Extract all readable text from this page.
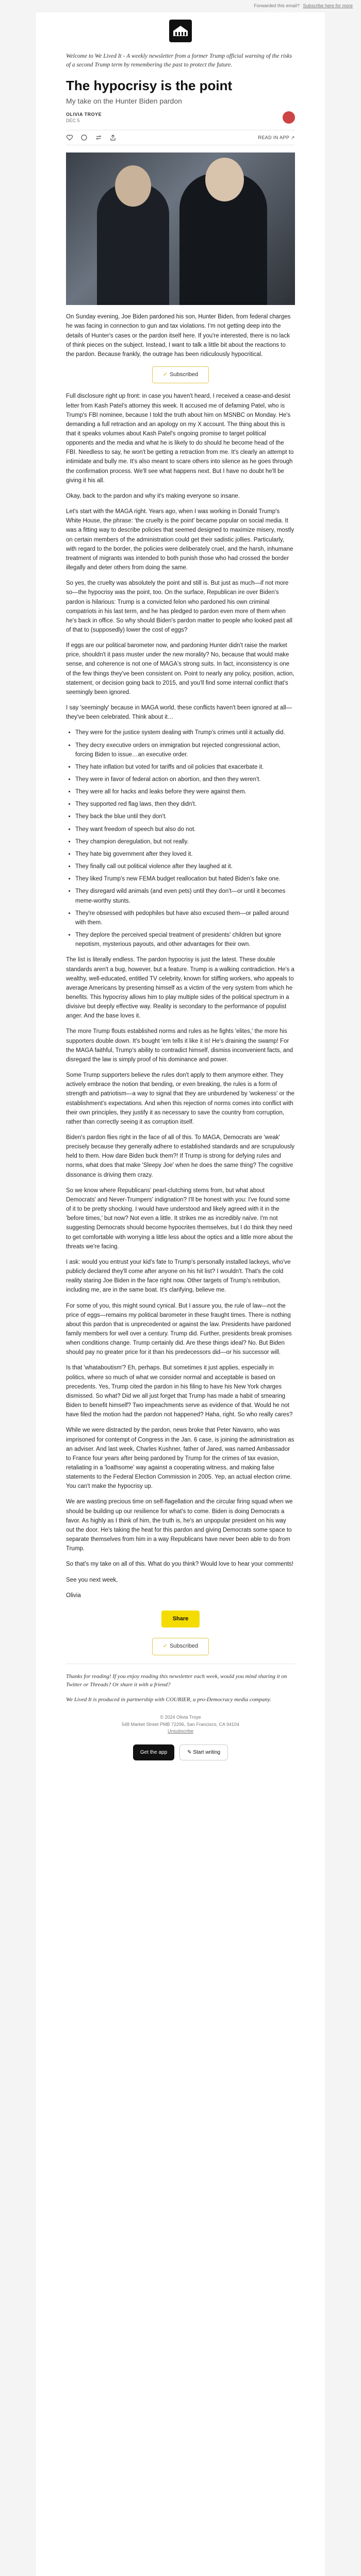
Forwarded this email? Subscribe here for more

Welcome to We Lived It - A weekly newsletter from a former Trump official warning of the risks of a second Trump term by remembering the past to protect the future.

The hypocrisy is the point
My take on the Hunter Biden pardon
OLIVIA TROYE
DEC 5
READ IN APP ↗

On Sunday evening, Joe Biden pardoned his son, Hunter Biden, from federal charges he was facing in connection to gun and tax violations. I'm not getting deep into the details of Hunter's cases or the pardon itself here. If you're interested, there is no lack of think pieces on the subject. Instead, I want to talk a little bit about the reactions to the pardon. Because frankly, the outrage has been ridiculously hypocritical.

✓ Subscribed

Full disclosure right up front: in case you haven't heard, I received a cease-and-desist letter from Kash Patel's attorney this week. It accused me of defaming Patel, who is Trump's FBI nominee, because I told the truth about him on MSNBC on Monday. He's demanding a full retraction and an apology on my X account. The thing about this is that it speaks volumes about Kash Patel's ongoing promise to target political opponents and the media and what he is likely to do should he become head of the FBI. Needless to say, he won't be getting a retraction from me. It's clearly an attempt to intimidate and bully me. It's also meant to scare others into silence as he goes through the confirmation process. We'll see what happens next. But I have no doubt he'll be giving it his all.

Okay, back to the pardon and why it's making everyone so insane.

Let's start with the MAGA right. Years ago, when I was working in Donald Trump's White House, the phrase: 'the cruelty is the point' became popular on social media. It was a fitting way to describe policies that seemed designed to maximize misery, mostly on certain members of the administration could get their sadistic jollies. Particularly, with regard to the border, the policies were deliberately cruel, and the harsh, inhumane treatment of migrants was intended to both punish those who had crossed the border illegally and deter others from doing the same.

So yes, the cruelty was absolutely the point and still is. But just as much—if not more so—the hypocrisy was the point, too. On the surface, Republican ire over Biden's pardon is hilarious: Trump is a convicted felon who pardoned his own criminal compatriots in his last term, and he has pledged to pardon even more of them when he's back in office. So why should Biden's pardon matter to people who looked past all of that to (supposedly) lower the cost of eggs?

If eggs are our political barometer now, and pardoning Hunter didn't raise the market price, shouldn't it pass muster under the new morality? No, because that would make sense, and coherence is not one of MAGA's strong suits. In fact, inconsistency is one of the few things they've been consistent on. Point to nearly any policy, position, action, statement, or decision going back to 2015, and you'll find some internal conflict that's seemingly been ignored.

I say 'seemingly' because in MAGA world, these conflicts haven't been ignored at all—they've been celebrated. Think about it…

• They were for the justice system dealing with Trump's crimes until it actually did.
• They decry executive orders on immigration but rejected congressional action, forcing Biden to issue…an executive order.
• They hate inflation but voted for tariffs and oil policies that exacerbate it.
• They were in favor of federal action on abortion, and then they weren't.
• They were all for hacks and leaks before they were against them.
• They supported red flag laws, then they didn't.
• They back the blue until they don't.
• They want freedom of speech but also do not.
• They champion deregulation, but not really.
• They hate big government after they loved it.
• They finally call out political violence after they laughed at it.
• They liked Trump's new FEMA budget reallocation but hated Biden's fake one.
• They disregard wild animals (and even pets) until they don't—or until it becomes meme-worthy stunts.
• They're obsessed with pedophiles but have also excused them—or palled around with them.
• They deplore the perceived special treatment of presidents' children but ignore nepotism, mysterious payouts, and other advantages for their own.

The list is literally endless. The pardon hypocrisy is just the latest. These double standards aren't a bug, however, but a feature. Trump is a walking contradiction. He's a wealthy, well-educated, entitled TV celebrity, known for stiffing workers, who appeals to average Americans by presenting himself as a victim of the very system from which he benefits. This hypocrisy allows him to play multiple sides of the political spectrum in a divisive but deeply effective way. Reality is secondary to the performance of populist anger. And the base loves it.

The more Trump flouts established norms and rules as he fights 'elites,' the more his supporters double down. It's bought 'em tells it like it is! He's draining the swamp! For the MAGA faithful, Trump's ability to contradict himself, dismiss inconvenient facts, and disregard the law is simply proof of his dominance and power.

Some Trump supporters believe the rules don't apply to them anymore either. They actively embrace the notion that bending, or even breaking, the rules is a form of strength and patriotism—a way to signal that they are unburdened by 'wokeness' or the establishment's expectations. And when this rejection of norms comes into conflict with their own principles, they justify it as necessary to save the country from corruption, rather than correctly seeing it as corruption itself.

Biden's pardon flies right in the face of all of this. To MAGA, Democrats are 'weak' precisely because they generally adhere to established standards and are scrupulously held to them. How dare Biden buck them?! If Trump is strong for defying rules and norms, what does that make 'Sleepy Joe' when he does the same thing? The cognitive dissonance is driving them crazy.

So we know where Republicans' pearl-clutching stems from, but what about Democrats' and Never-Trumpers' indignation? I'll be honest with you: I've found some of it to be pretty shocking. I would have understood and likely agreed with it in the 'before times,' but now? Not even a little. It strikes me as incredibly naïve. I'm not suggesting Democrats should become hypocrites themselves, but I do think they need to get comfortable with worrying a little less about the optics and a little more about the threats we're facing.

I ask: would you entrust your kid's fate to Trump's personally installed lackeys, who've publicly declared they'll come after anyone on his hit list? I wouldn't. That's the cold reality staring Joe Biden in the face right now. Other targets of Trump's retribution, including me, are in the same boat. It's clarifying, believe me.

For some of you, this might sound cynical. But I assure you, the rule of law—not the price of eggs—remains my political barometer in these fraught times. There is nothing about this pardon that is unprecedented or against the law. Presidents have pardoned family members for well over a century. Trump did. Further, presidents break promises when conditions change. Trump certainly did. Are these things ideal? No. But Biden should pay no greater price for it than his predecessors did—or his successor will.

Is that 'whataboutism'? Eh, perhaps. But sometimes it just applies, especially in politics, where so much of what we consider normal and acceptable is based on precedents. Yes, Trump cited the pardon in his filing to have his New York charges dismissed. So what? Did we all just forget that Trump has made a habit of smearing Biden to benefit himself? Two impeachments serve as evidence of that. Would he not have filed the motion had the pardon not happened? Haha, right. So who really cares?

While we were distracted by the pardon, news broke that Peter Navarro, who was imprisoned for contempt of Congress in the Jan. 6 case, is joining the administration as an adviser. And last week, Charles Kushner, father of Jared, was named Ambassador to France four years after being pardoned by Trump for the crimes of tax evasion, retaliating in a 'loathsome' way against a cooperating witness, and making false statements to the Federal Election Commission in 2005. Yep, an actual election crime. You can't make the hypocrisy up.

We are wasting precious time on self-flagellation and the circular firing squad when we should be building up our resilience for what's to come. Biden is doing Democrats a favor. As highly as I think of him, the truth is, he's an unpopular president on his way out the door. He's taking the heat for this pardon and giving Democrats some space to separate themselves from him in a way Republicans have never been able to do from Trump.

So that's my take on all of this. What do you think? Would love to hear your comments!

See you next week,

Olivia

Share
✓ Subscribed

Thanks for reading! If you enjoy reading this newsletter each week, would you mind sharing it on Twitter or Threads? Or share it with a friend?

We Lived It is produced in partnership with COURIER, a pro-Democracy media company.

© 2024 Olivia Troye
548 Market Street PMB 72296, San Francisco, CA 94104
Unsubscribe
Get the app	✎ Start writing
